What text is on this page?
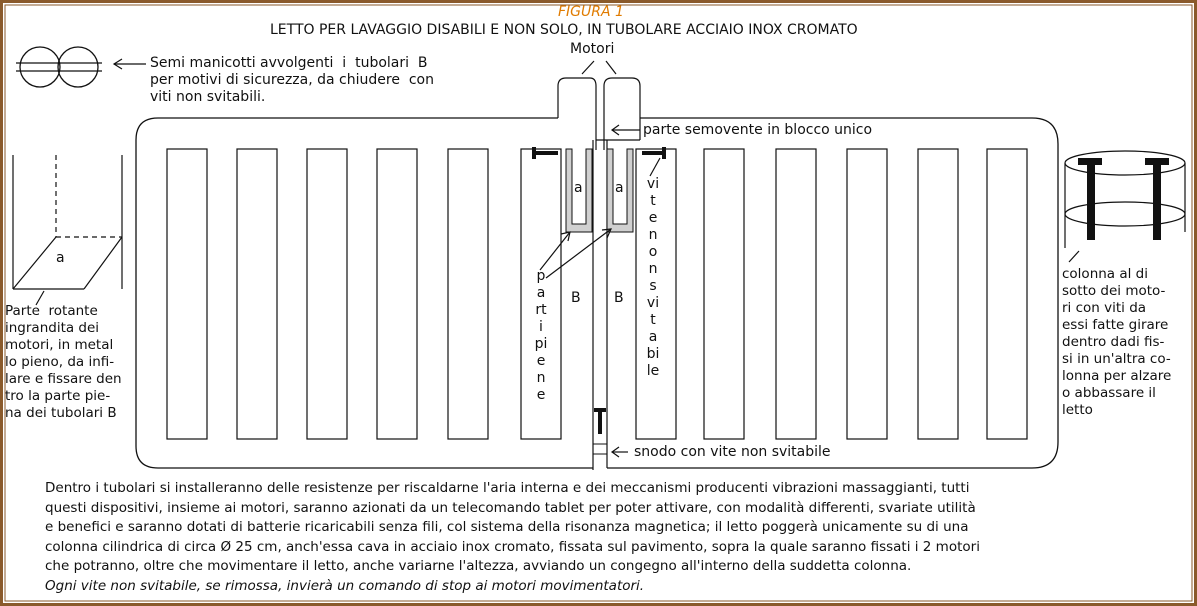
FIGURA 1
LETTO PER LAVAGGIO DISABILI E NON SOLO, IN TUBOLARE ACCIAIO INOX CROMATO
Motori
Semi manicotti avvolgenti  i  tubolari  B
per motivi di sicurezza, da chiudere  con
viti non svitabili.
parte semovente in blocco unico
a a
a
B B
parti piene
vite non svitabile
snodo con vite non svitabile
Parte  rotante
ingrandita dei
motori, in metal
lo pieno, da infi-
lare e fissare den
tro la parte pie-
na dei tubolari B
colonna al di
sotto dei moto-
ri con viti da
essi fatte girare
dentro dadi fis-
si in un'altra co-
lonna per alzare
o abbassare il
letto
Dentro i tubolari si installeranno delle resistenze per riscaldarne l'aria interna e dei meccanismi producenti vibrazioni massaggianti, tutti
questi dispositivi, insieme ai motori, saranno azionati da un telecomando tablet per poter attivare, con modalità differenti, svariate utilità
e benefici e saranno dotati di batterie ricaricabili senza fili, col sistema della risonanza magnetica; il letto poggerà unicamente su di una
colonna cilindrica di circa Ø 25 cm, anch'essa cava in acciaio inox cromato, fissata sul pavimento, sopra la quale saranno fissati i 2 motori
che potranno, oltre che movimentare il letto, anche variarne l'altezza, avviando un congegno all'interno della suddetta colonna.
Ogni vite non svitabile, se rimossa, invierà un comando di stop ai motori movimentatori.
